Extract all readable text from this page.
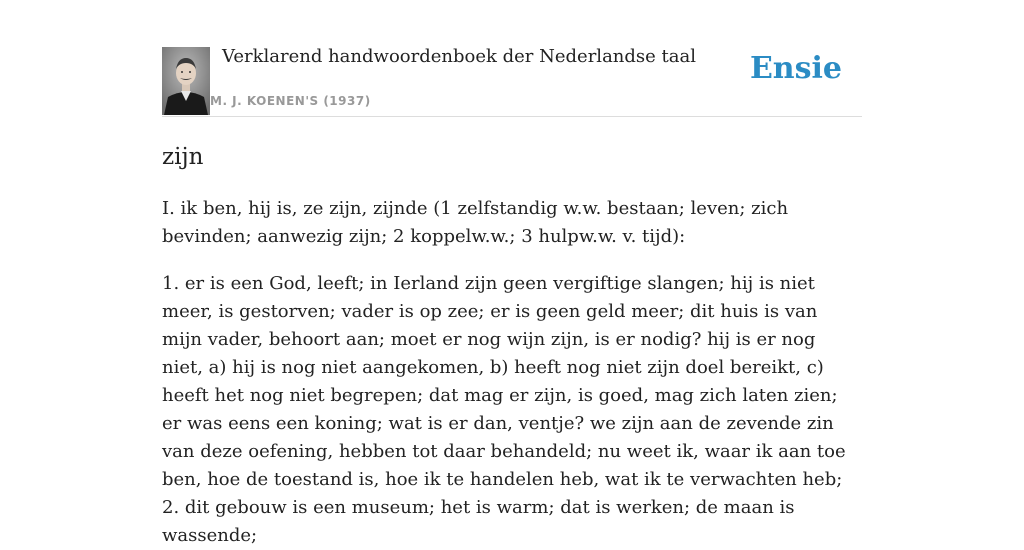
Verklarend handwoordenboek der Nederlandse taal
M. J. KOENEN'S (1937)
Ensie
zijn

I. ik ben, hij is, ze zijn, zijnde (1 zelfstandig w.w. bestaan; leven; zich bevinden; aanwezig zijn; 2 koppelw.w.; 3 hulpw.w. v. tijd):

1. er is een God, leeft; in Ierland zijn geen vergiftige slangen; hij is niet meer, is gestorven; vader is op zee; er is geen geld meer; dit huis is van mijn vader, behoort aan; moet er nog wijn zijn, is er nodig? hij is er nog niet, a) hij is nog niet aangekomen, b) heeft nog niet zijn doel bereikt, c) heeft het nog niet begrepen; dat mag er zijn, is goed, mag zich laten zien; er was eens een koning; wat is er dan, ventje? we zijn aan de zevende zin van deze oefening, hebben tot daar behandeld; nu weet ik, waar ik aan toe ben, hoe de toestand is, hoe ik te handelen heb, wat ik te verwachten heb;

2. dit gebouw is een museum; het is warm; dat is werken; de maan is wassende;
